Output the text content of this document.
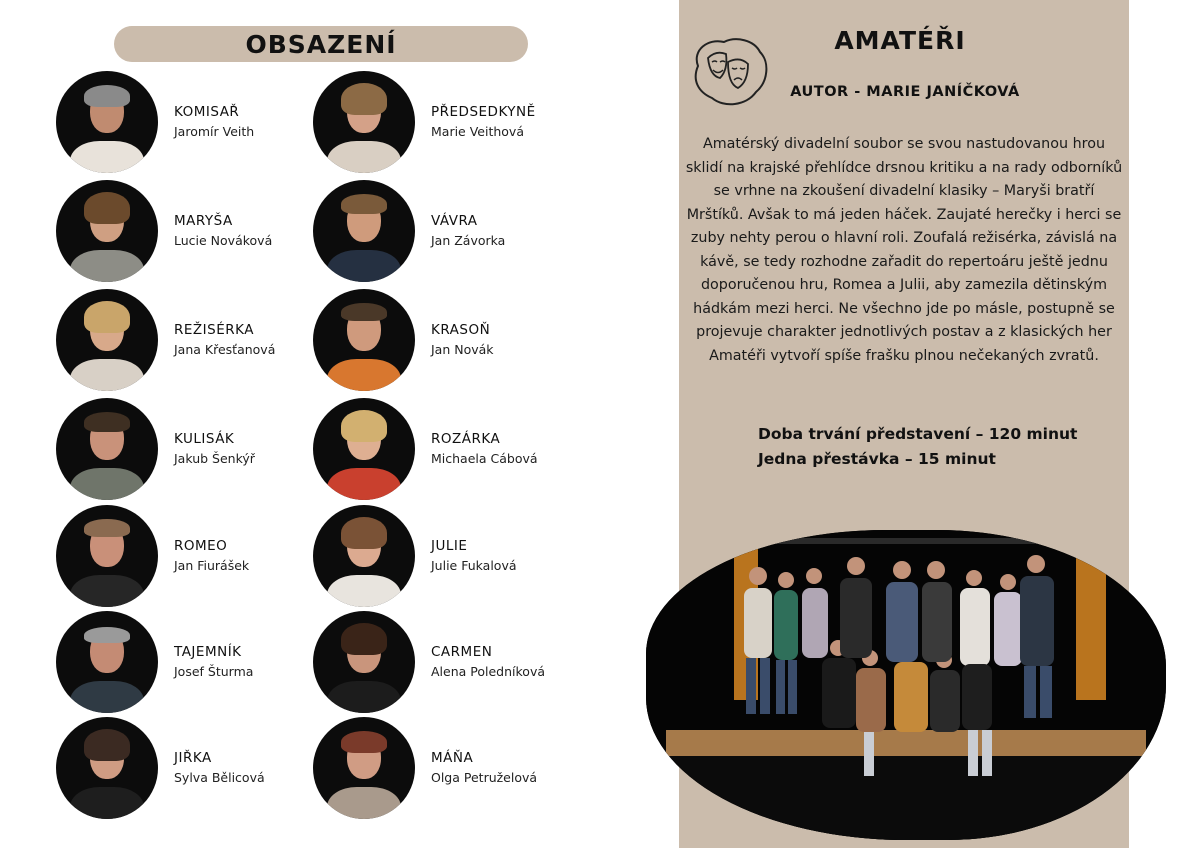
OBSAZENÍ
KOMISAŘ
Jaromír Veith
MARYŠA
Lucie Nováková
REŽISÉRKA
Jana Křesťanová
KULISÁK
Jakub Šenkýř
ROMEO
Jan Fiurášek
TAJEMNÍK
Josef Šturma
JIŘKA
Sylva Bělicová
PŘEDSEDKYNĚ
Marie Veithová
VÁVRA
Jan Závorka
KRASOŇ
Jan Novák
ROZÁRKA
Michaela Cábová
JULIE
Julie Fukalová
CARMEN
Alena Poledníková
MÁŇA
Olga Petruželová
AMATÉŘI
AUTOR - MARIE JANÍČKOVÁ
Amatérský divadelní soubor se svou nastudovanou hrou sklidí na krajské přehlídce drsnou kritiku a na rady odborníků se vrhne na zkoušení divadelní klasiky – Maryši bratří Mrštíků. Avšak to má jeden háček. Zaujaté herečky i herci se zuby nehty perou o hlavní roli. Zoufalá režisérka, závislá na kávě, se tedy rozhodne zařadit do repertoáru ještě jednu doporučenou hru, Romea a Julii, aby zamezila dětinským hádkám mezi herci. Ne všechno jde po másle, postupně se projevuje charakter jednotlivých postav a z klasických her Amatéři vytvoří spíše frašku plnou nečekaných zvratů.
Doba trvání představení – 120 minut
Jedna přestávka – 15 minut
